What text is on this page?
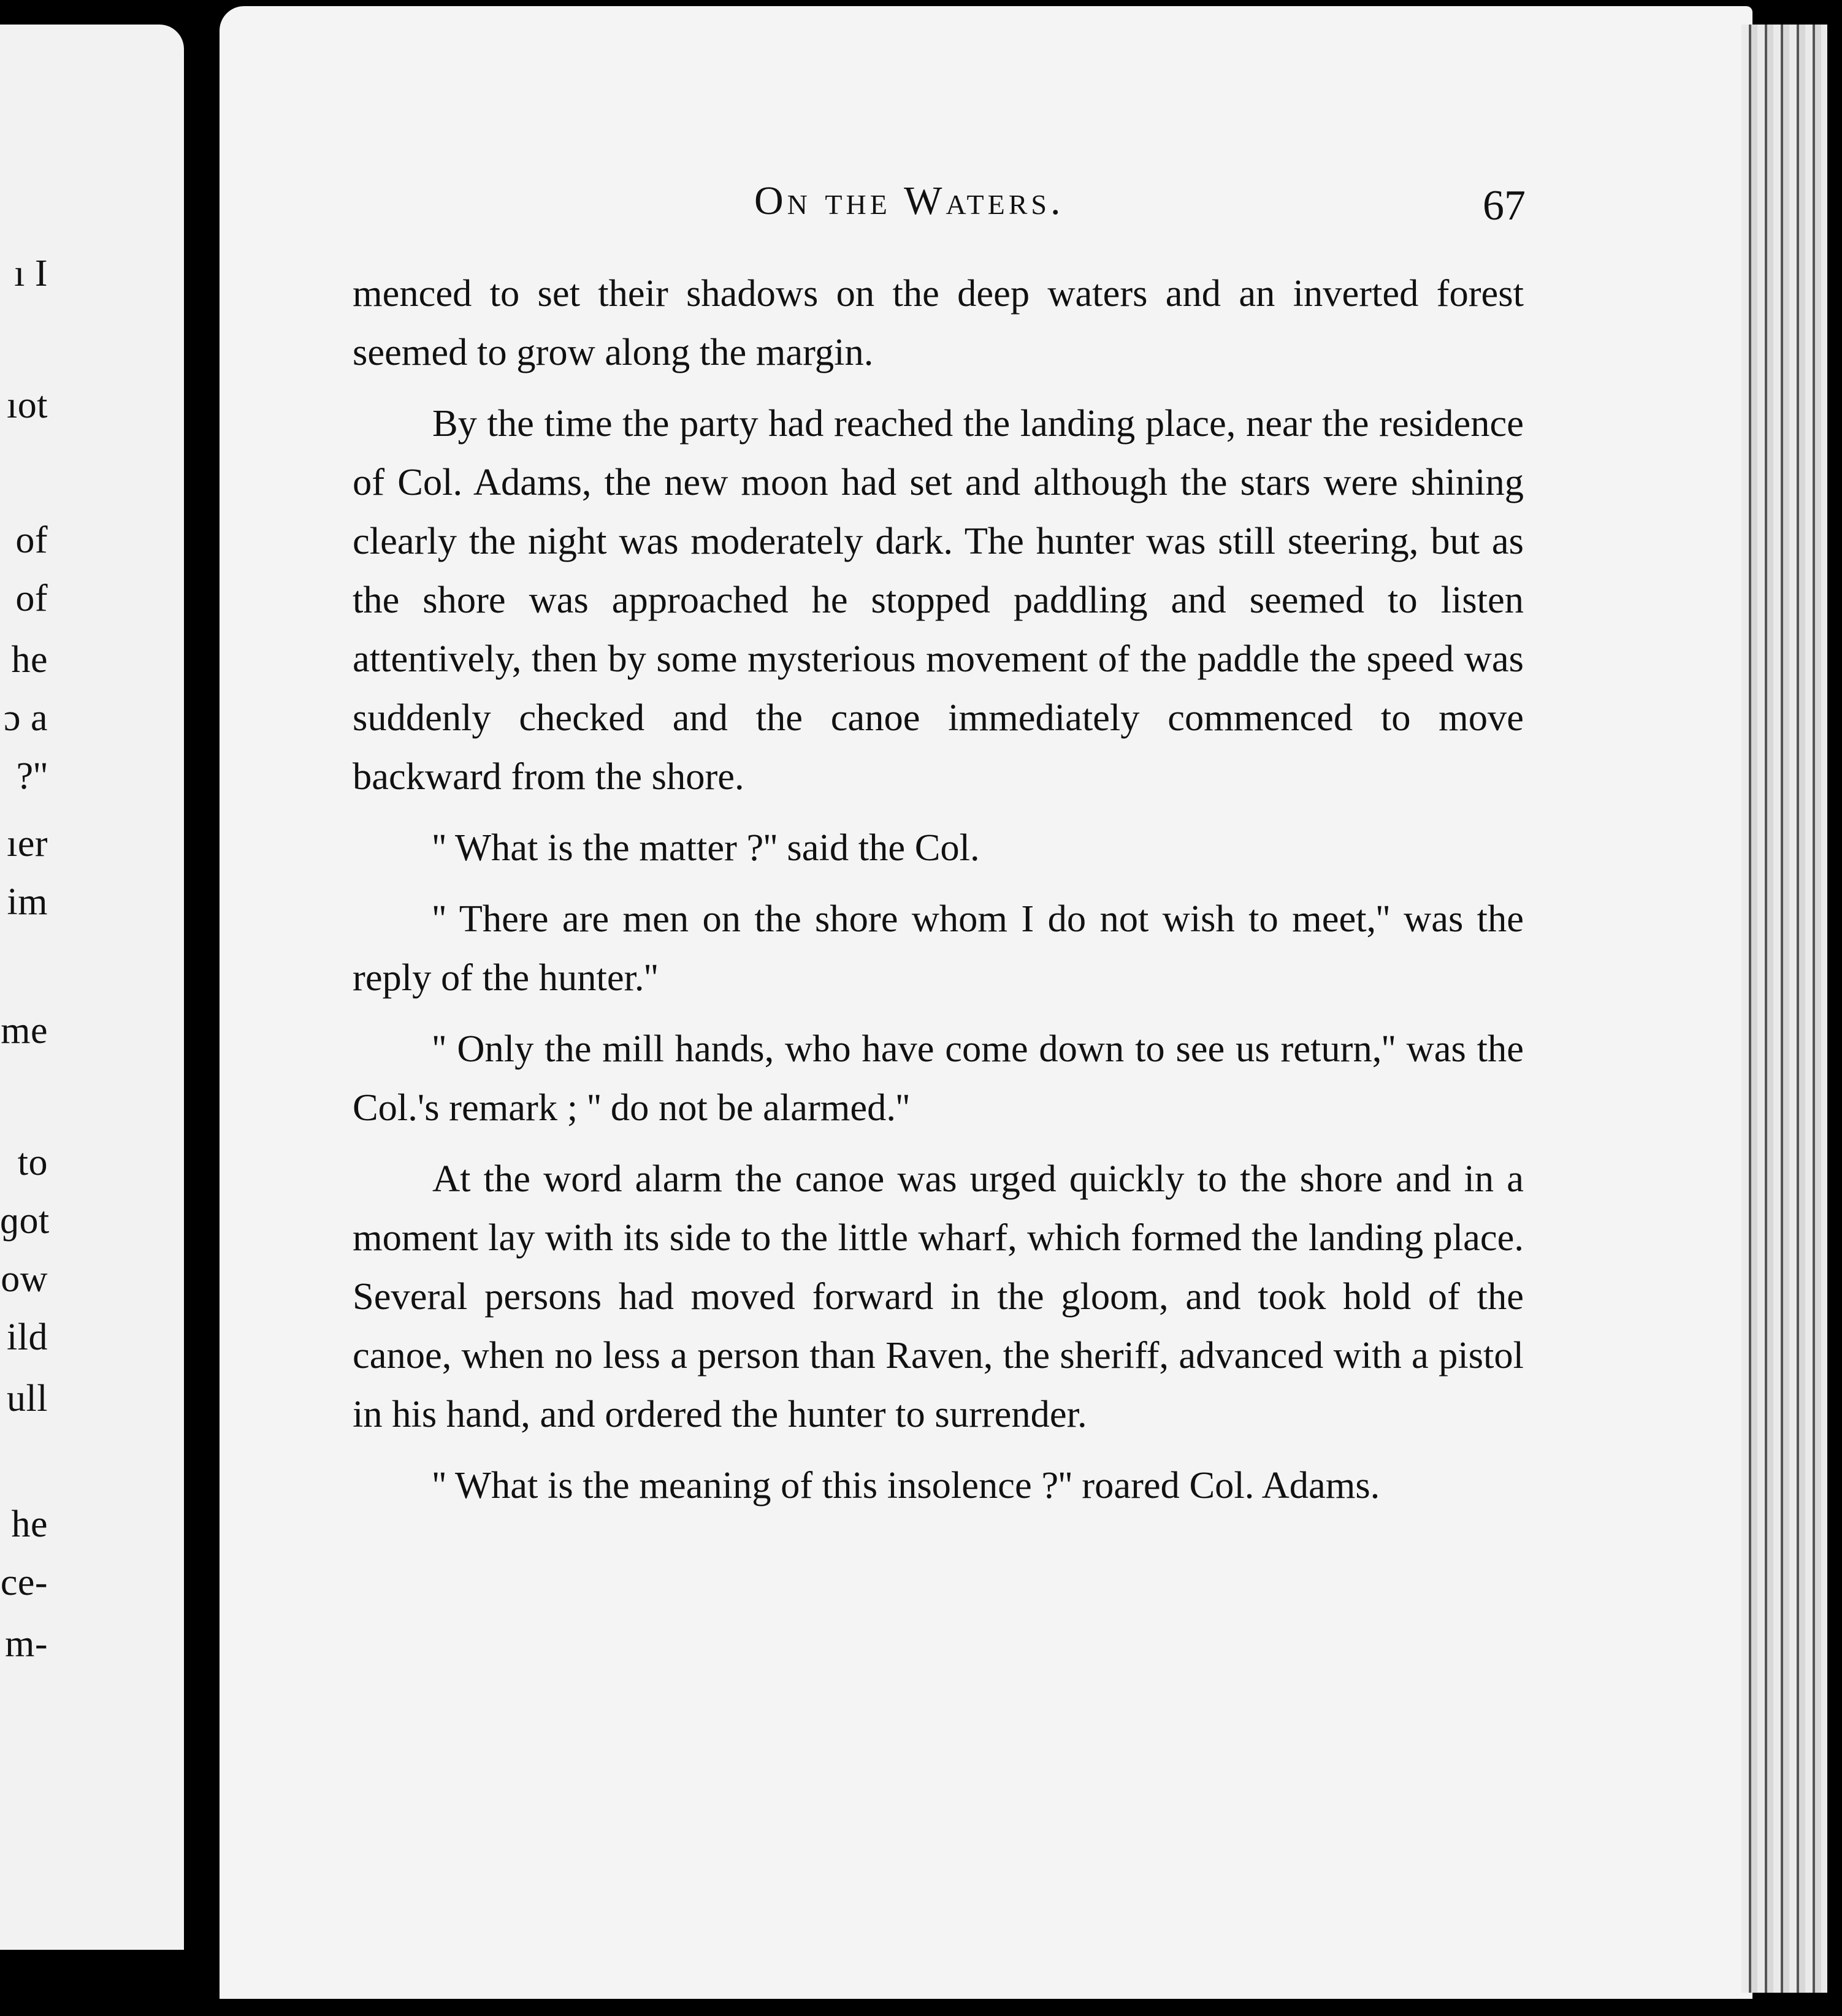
ı I
ıot
of
of
he
ɔ a
?''
ıer
im
me
to
ɡot
ow
ild
ull
he
ce-
m-
On the Waters.	67

menced to set their shadows on the deep waters and an inverted forest seemed to grow along the margin.

By the time the party had reached the landing place, near the residence of Col. Adams, the new moon had set and although the stars were shining clearly the night was moderately dark. The hunter was still steering, but as the shore was approached he stopped paddling and seemed to listen attentively, then by some mysterious movement of the paddle the speed was suddenly checked and the canoe immediately commenced to move backward from the shore.

'' What is the matter ?'' said the Col.

'' There are men on the shore whom I do not wish to meet,'' was the reply of the hunter.''

'' Only the mill hands, who have come down to see us return,'' was the Col.'s remark ; '' do not be alarmed.''

At the word alarm the canoe was urged quickly to the shore and in a moment lay with its side to the little wharf, which formed the landing place. Several persons had moved forward in the gloom, and took hold of the canoe, when no less a person than Raven, the sheriff, advanced with a pistol in his hand, and ordered the hunter to surrender.

'' What is the meaning of this insolence ?'' roared Col. Adams.
